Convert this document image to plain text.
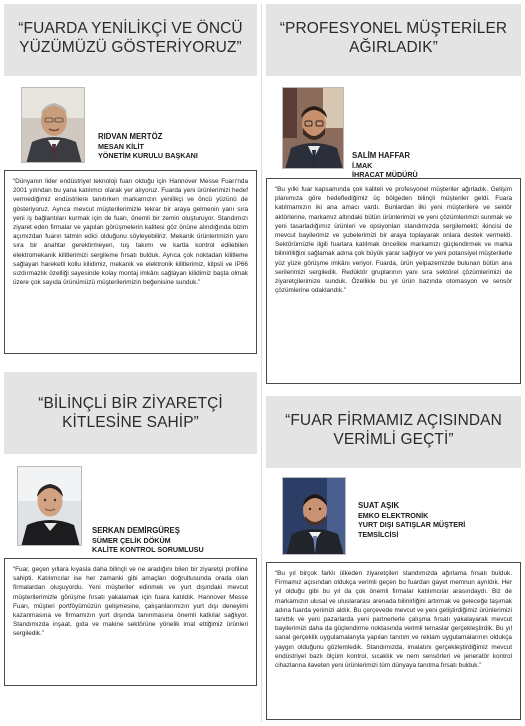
“FUARDA YENİLİKÇİ VE ÖNCÜ
YÜZÜMÜZÜ GÖSTERİYORUZ”
RIDVAN MERTÖZ
MESAN KİLİT
YÖNETİM KURULU BAŞKANI
“Dünyanın lider endüstriyel teknoloji fuarı olduğu için Hannover Messe Fuarı'nda 2001 yılından bu yana katılımcı olarak yer alıyoruz. Fuarda yeni ürünlerimizi hedef vermediğimiz endüstrilere tanıtırken markamızın yenilikçi ve öncü yüzünü de gösteriyoruz. Ayrıca mevcut müşterilerimizle tekrar bir araya gelmenin yanı sıra yeni iş bağlantıları kurmak için de fuarı, önemli bir zemin oluşturuyor. Standımızı ziyaret eden firmalar ve yapılan görüşmelerin kalitesi göz önüne alındığında bizim açımızdan fuarın tatmin edici olduğunu söyleyebiliriz. Mekanik ürünlerimizin yanı sıra bir anahtar gerektirmeyen, tuş takımı ve kartla kontrol edilebilen elektromekanik kilitlerimizi sergileme fırsatı bulduk. Ayrıca çok noktadan kilitleme sağlayan hareketli kollu kilidimiz, mekanik ve elektronik kilitlerimiz, kilpsli ve IP66 sızdırmazlık özelliği sayesinde kolay montaj imkânı sağlayan kilidimiz başta olmak üzere çok sayıda ürünümüzü müşterilerimizin beğenisine sunduk.”
“PROFESYONEL MÜŞTERİLER
AĞIRLADIK”
SALİM HAFFAR
İ.MAK
İHRACAT MÜDÜRÜ
“Bu yılki fuar kapsamında çok kaliteli ve profesyonel müşteriler ağırladık. Gelişim planımıza göre hedeflediğimiz üç bölgeden bilinçli müşteriler geldi. Fuara katılmamızın iki ana amacı vardı. Bunlardan ilki yeni müşterilere ve sektör aktörlerine, markamız altındaki bütün ürünlerimizi ve yeni çözümlerimizi sunmak ve yeni tasarladığımız ürünleri ve opsiyonları standımızda sergilemekti; ikincisi de mevcut bayilerimiz ve şubelerimizi bir araya toplayarak onlara destek vermekti. Sektörümüzle ilgili fuarlara katılmak öncelikle markamızı güçlendirmek ve marka bilinirliliğini sağlamak adına çok büyük yarar sağlıyor ve yeni potansiyel müşterilerle yüz yüze görüşme imkânı veriyor. Fuarda, ürün yelpazemizde bulunan bütün ana serilerimizi sergiledik. Redüktör gruplarının yanı sıra sektörel çözümlerimizi de ziyaretçilerimize sunduk. Özellikle bu yıl ürün bazında otomasyon ve sensör çözümlerine odaklandık.”
“BİLİNÇLİ BİR ZİYARETÇİ
KİTLESİNE SAHİP”
SERKAN DEMİRGÜREŞ
SÜMER ÇELİK DÖKÜM
KALİTE KONTROL SORUMLUSU
“Fuar, geçen yıllara kıyasla daha bilinçli ve ne aradığını bilen bir ziyaretçi profiline sahipti. Katılımcılar ise her zamanki gibi amaçları doğrultusunda orada olan firmalardan oluşuyordu. Yeni müşteriler edinmek ve yurt dışındaki mevcut müşterilerimizle görüşme fırsatı yakalamak için fuara katıldık. Hannover Messe Fuarı, müşteri portföyümüzün gelişmesine, çalışanlarımızın yurt dışı deneyimi kazanmasına ve firmamızın yurt dışında tanınmasına önemli katkılar sağlıyor. Standımızda inşaat, gıda ve makine sektörüne yönelik imal ettiğimiz ürünleri sergiledik.”
“FUAR FİRMAMIZ AÇISINDAN
VERİMLİ GEÇTİ”
SUAT AŞIK
EMKO ELEKTRONİK
YURT DIŞI SATIŞLAR MÜŞTERİ
TEMSİLCİSİ
“Bu yıl birçok farklı ülkeden ziyaretçileri standımızda ağırlama fırsatı bulduk. Firmamız açısından oldukça verimli geçen bu fuardan gayet memnun ayrıldık. Her yıl olduğu gibi bu yıl da çok önemli firmalar katılımcılar arasındaydı. Biz de markamızın ulusal ve uluslararası arenada bilinirliğini artırmak ve geleceğe taşımak adına fuarda yerimizi aldık. Bu çerçevede mevcut ve yeni geliştirdiğimiz ürünlerimizi tanıttık ve yeni pazarlarda yeni partnerlerle çalışma fırsatı yakalayarak mevcut bayilerimizi daha da güçlendirme noktasında verimli temaslar gerçekleştirdik. Bu yıl sanal gerçeklik uygulamalarıyla yapılan tanıtım ve reklam uygulamalarının oldukça yaygın olduğunu gözlemledik. Standımızda, imalatını gerçekleştirdiğimiz mevcut endüstriyel bazlı ölçüm kontrol, sıcaklık ve nem sensörleri ve jeneratör kontrol cihazlarına ilaveten yeni ürünlerimizi tüm dünyaya tanıtma fırsatı bulduk.”
